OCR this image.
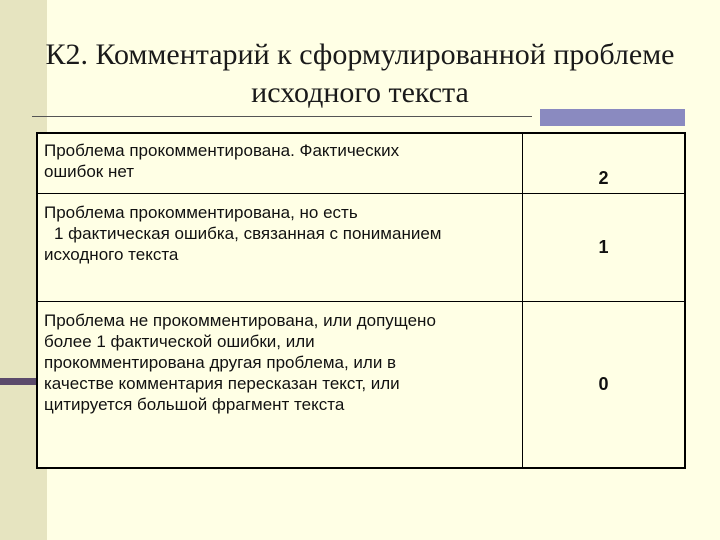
К2. Комментарий к сформулированной проблеме
исходного текста
Проблема прокомментирована. Фактических
ошибок нет	2

Проблема прокомментирована, но есть
1 фактическая ошибка, связанная с пониманием
исходного текста	1

Проблема не прокомментирована, или допущено
более 1 фактической ошибки, или
прокомментирована другая проблема, или в
качестве комментария пересказан текст, или
цитируется большой фрагмент текста	0
